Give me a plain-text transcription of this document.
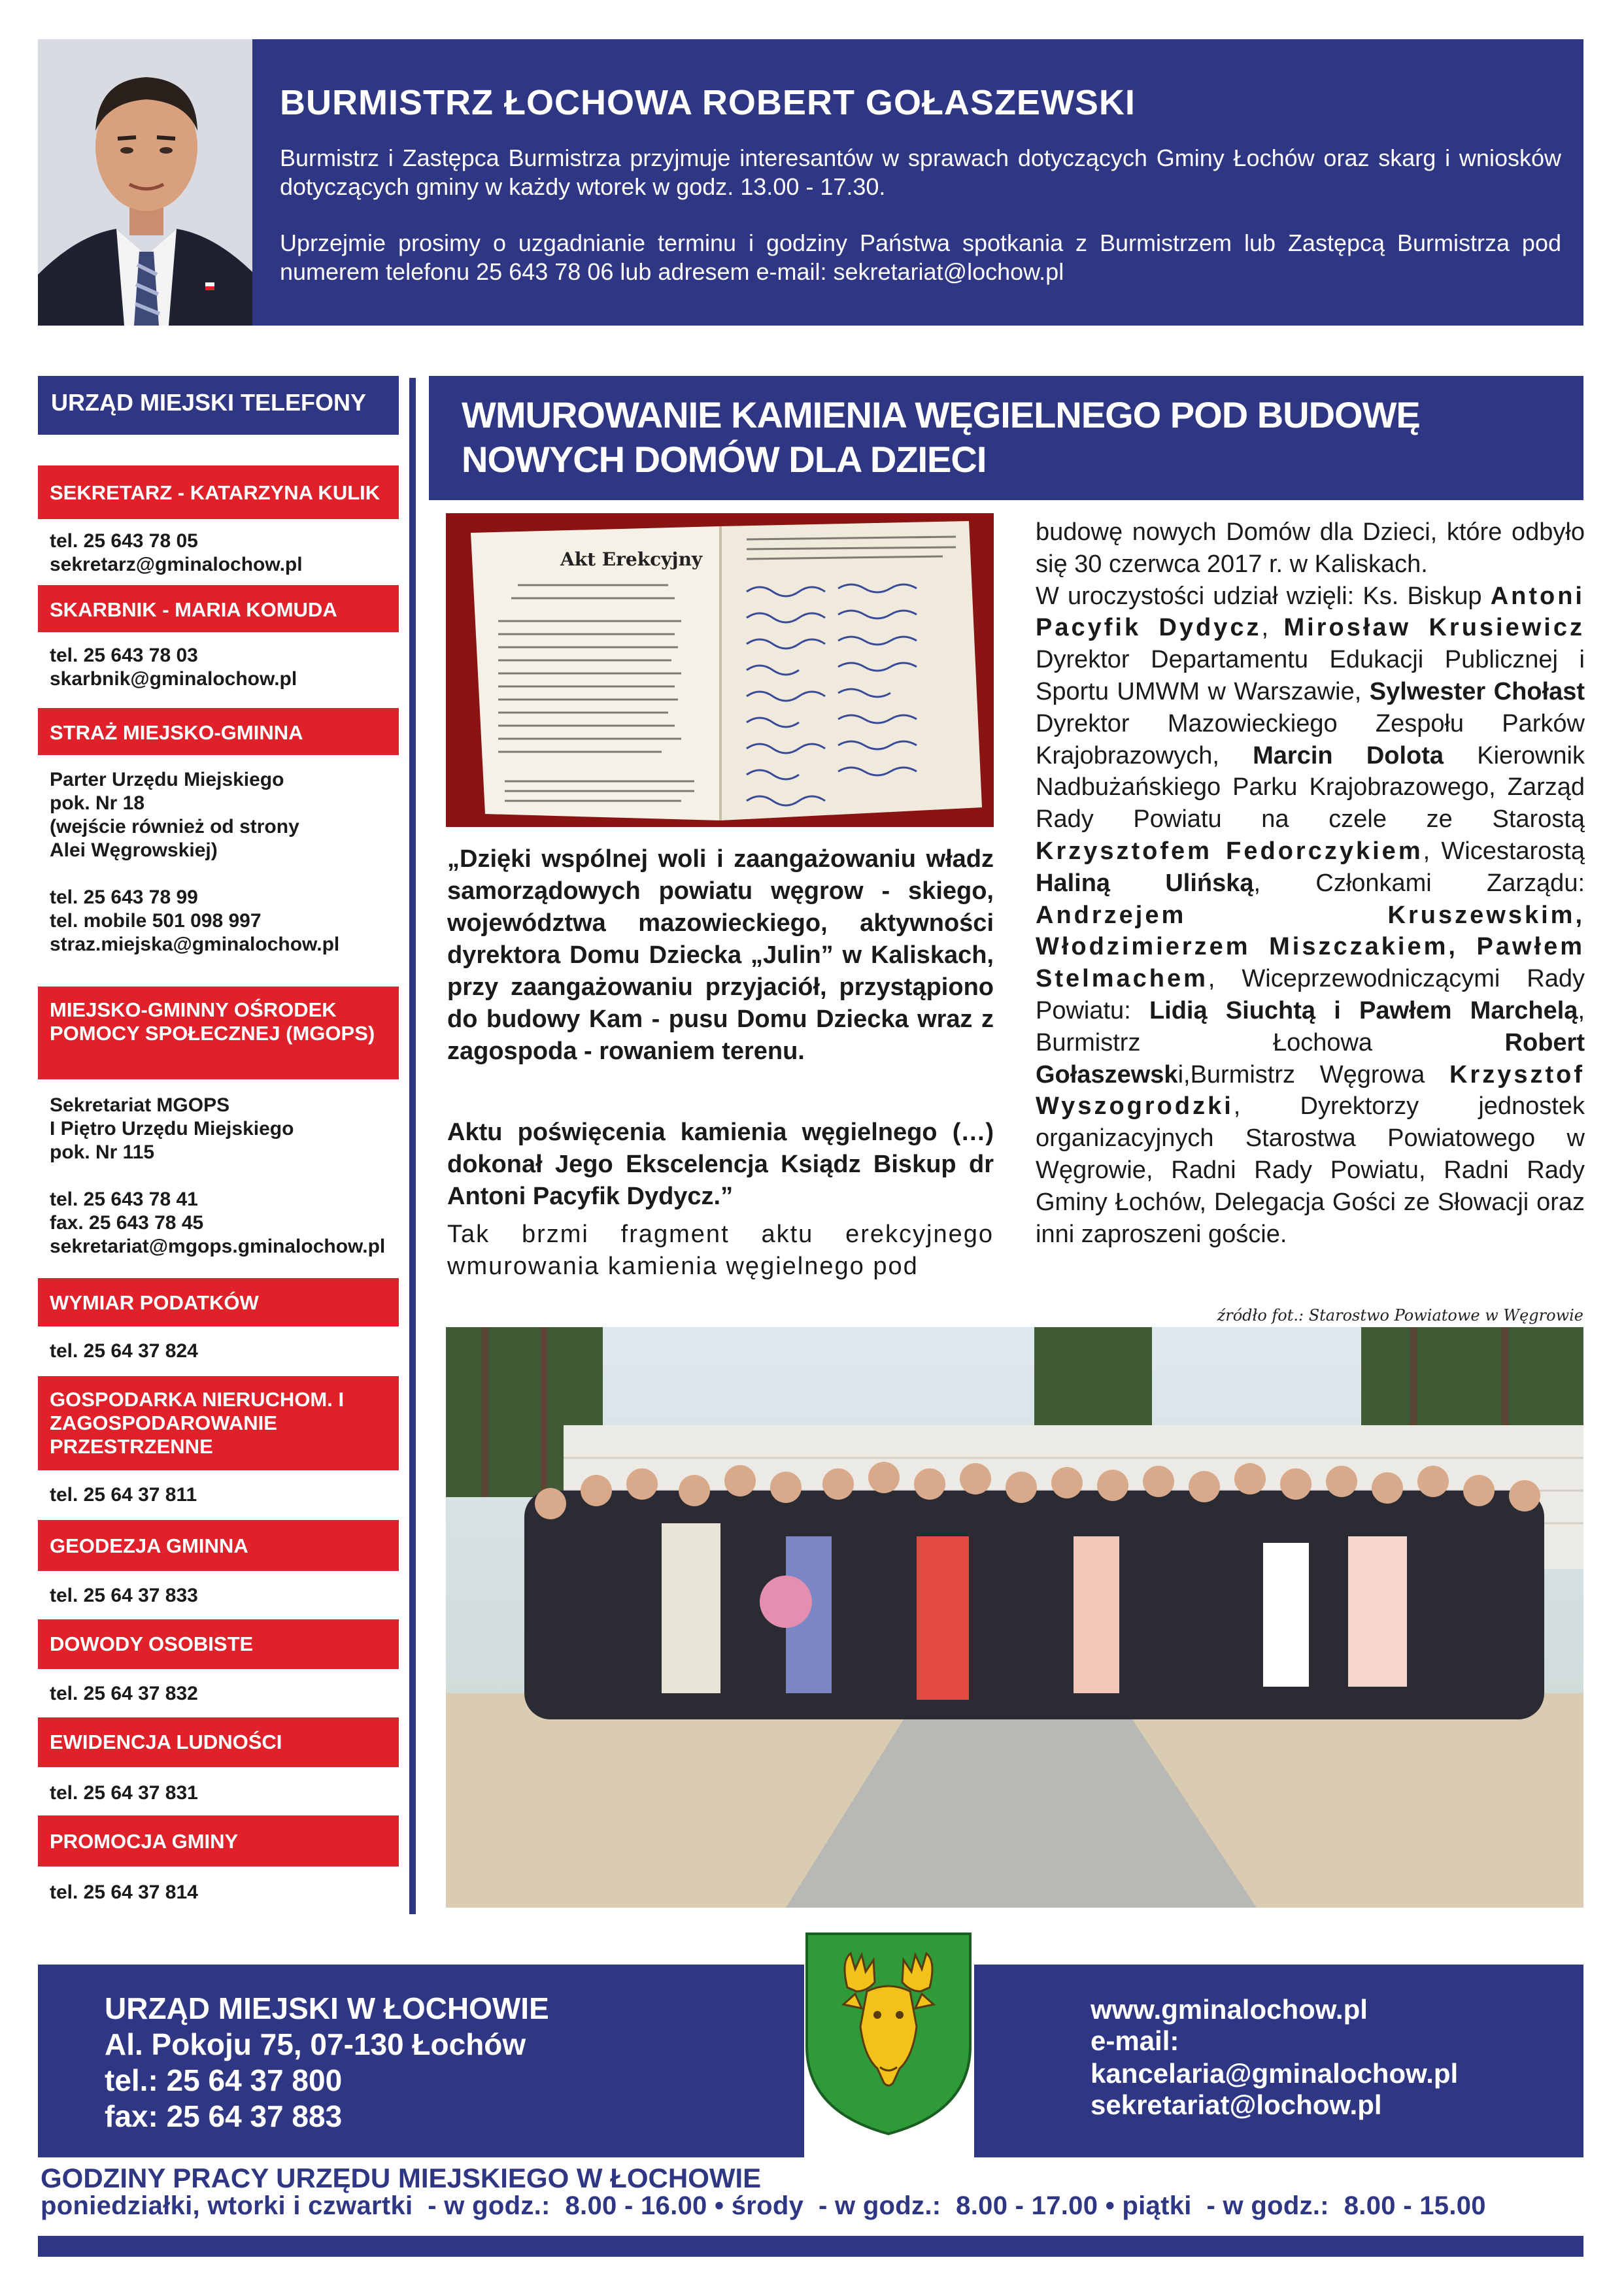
BURMISTRZ ŁOCHOWA ROBERT GOŁASZEWSKI
Burmistrz i Zastępca Burmistrza przyjmuje interesantów w sprawach dotyczących Gminy Łochów oraz skarg i wniosków dotyczących gminy w każdy wtorek w godz. 13.00 - 17.30.
Uprzejmie prosimy o uzgadnianie terminu i godziny Państwa spotkania z Burmistrzem lub Zastępcą Burmistrza pod numerem telefonu 25 643 78 06 lub adresem e-mail: sekretariat@lochow.pl
URZĄD MIEJSKI TELEFONY
SEKRETARZ - KATARZYNA KULIK
tel. 25 643 78 05
sekretarz@gminalochow.pl
SKARBNIK - MARIA KOMUDA
tel. 25 643 78 03
skarbnik@gminalochow.pl
STRAŻ MIEJSKO-GMINNA
Parter Urzędu Miejskiego
pok. Nr 18
(wejście również od strony
Alei Węgrowskiej)

tel. 25 643 78 99
tel. mobile 501 098 997
straz.miejska@gminalochow.pl
MIEJSKO-GMINNY OŚRODEK POMOCY SPOŁECZNEJ (MGOPS)
Sekretariat MGOPS
I Piętro Urzędu Miejskiego
pok. Nr 115

tel. 25 643 78 41
fax. 25 643 78 45
sekretariat@mgops.gminalochow.pl
WYMIAR PODATKÓW
tel. 25 64 37 824
GOSPODARKA NIERUCHOM. I ZAGOSPODAROWANIE PRZESTRZENNE
tel. 25 64 37 811
GEODEZJA GMINNA
tel. 25 64 37 833
DOWODY OSOBISTE
tel. 25 64 37 832
EWIDENCJA LUDNOŚCI
tel. 25 64 37 831
PROMOCJA GMINY
tel. 25 64 37 814
WMUROWANIE KAMIENIA WĘGIELNEGO POD BUDOWĘ NOWYCH DOMÓW DLA DZIECI
Akt Erekcyjny
„Dzięki wspólnej woli i zaangażowaniu władz samorządowych powiatu węgrow - skiego, województwa mazowieckiego, aktywności dyrektora Domu Dziecka „Julin” w Kaliskach, przy zaangażowaniu przyjaciół, przystąpiono do budowy Kam - pusu Domu Dziecka wraz z zagospoda - rowaniem terenu.
Aktu poświęcenia kamienia węgielnego (…) dokonał Jego Ekscelencja Ksiądz Biskup dr Antoni Pacyfik Dydycz.”
Tak brzmi fragment aktu erekcyjnego wmurowania kamienia węgielnego pod
budowę nowych Domów dla Dzieci, które odbyło się 30 czerwca 2017 r. w Kaliskach.
W uroczystości udział wzięli: Ks. Biskup Antoni Pacyfik Dydycz, Mirosław Krusiewicz Dyrektor Departamentu Edukacji Publicznej i Sportu UMWM w Warszawie, Sylwester Chołast Dyrektor Mazowieckiego Zespołu Parków Krajobrazowych, Marcin Dolota Kierownik Nadbużańskiego Parku Krajobrazowego, Zarząd Rady Powiatu na czele ze Starostą Krzysztofem Fedorczykiem, Wicestarostą Haliną Ulińską, Członkami Zarządu: Andrzejem Kruszewskim, Włodzimierzem Miszczakiem, Pawłem Stelmachem, Wiceprzewodniczącymi Rady Powiatu: Lidią Siuchtą i Pawłem Marchelą, Burmistrz Łochowa Robert Gołaszewski,Burmistrz Węgrowa Krzysztof Wyszogrodzki, Dyrektorzy jednostek organizacyjnych Starostwa Powiatowego w Węgrowie, Radni Rady Powiatu, Radni Rady Gminy Łochów, Delegacja Gości ze Słowacji oraz inni zaproszeni goście.
źródło fot.: Starostwo Powiatowe w Węgrowie
URZĄD MIEJSKI W ŁOCHOWIE
Al. Pokoju 75, 07-130 Łochów
tel.: 25 64 37 800
fax: 25 64 37 883
www.gminalochow.pl
e-mail:
kancelaria@gminalochow.pl
sekretariat@lochow.pl
GODZINY PRACY URZĘDU MIEJSKIEGO W ŁOCHOWIE
poniedziałki, wtorki i czwartki  - w godz.:  8.00 - 16.00 • środy  - w godz.:  8.00 - 17.00 • piątki  - w godz.:  8.00 - 15.00
